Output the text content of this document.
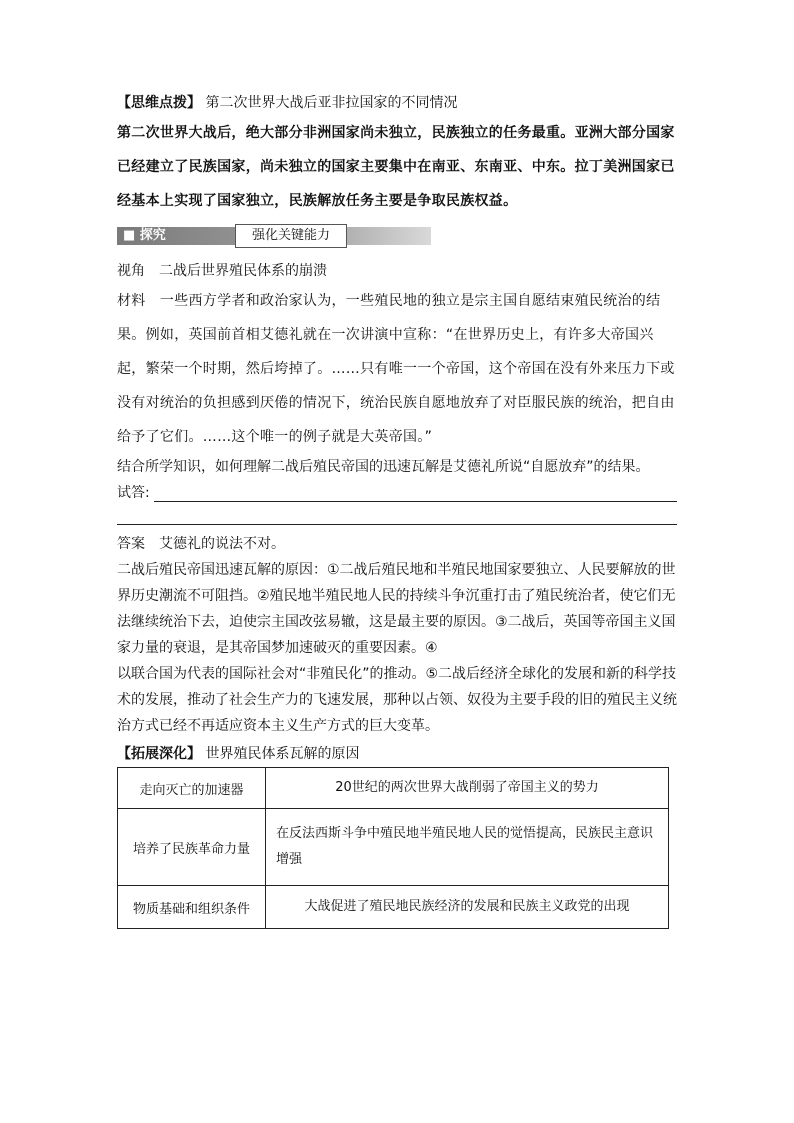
【思维点拨】 第二次世界大战后亚非拉国家的不同情况
第二次世界大战后，绝大部分非洲国家尚未独立，民族独立的任务最重。亚洲大部分国家已经建立了民族国家，尚未独立的国家主要集中在南亚、东南亚、中东。拉丁美洲国家已经基本上实现了国家独立，民族解放任务主要是争取民族权益。
■ 探究	强化关键能力
视角　二战后世界殖民体系的崩溃
材料　一些西方学者和政治家认为，一些殖民地的独立是宗主国自愿结束殖民统治的结果。例如，英国前首相艾德礼就在一次讲演中宣称：“在世界历史上，有许多大帝国兴起，繁荣一个时期，然后垮掉了。……只有唯一一个帝国，这个帝国在没有外来压力下或没有对统治的负担感到厌倦的情况下，统治民族自愿地放弃了对臣服民族的统治，把自由给予了它们。……这个唯一的例子就是大英帝国。”
结合所学知识，如何理解二战后殖民帝国的迅速瓦解是艾德礼所说“自愿放弃”的结果。
试答:
答案　艾德礼的说法不对。
二战后殖民帝国迅速瓦解的原因：①二战后殖民地和半殖民地国家要独立、人民要解放的世界历史潮流不可阻挡。②殖民地半殖民地人民的持续斗争沉重打击了殖民统治者，使它们无法继续统治下去，迫使宗主国改弦易辙，这是最主要的原因。③二战后，英国等帝国主义国家力量的衰退，是其帝国梦加速破灭的重要因素。④
以联合国为代表的国际社会对“非殖民化”的推动。⑤二战后经济全球化的发展和新的科学技术的发展，推动了社会生产力的飞速发展，那种以占领、奴役为主要手段的旧的殖民主义统治方式已经不再适应资本主义生产方式的巨大变革。
【拓展深化】 世界殖民体系瓦解的原因
走向灭亡的加速器	20世纪的两次世界大战削弱了帝国主义的势力
培养了民族革命力量	在反法西斯斗争中殖民地半殖民地人民的觉悟提高，民族民主意识增强
物质基础和组织条件	大战促进了殖民地民族经济的发展和民族主义政党的出现
